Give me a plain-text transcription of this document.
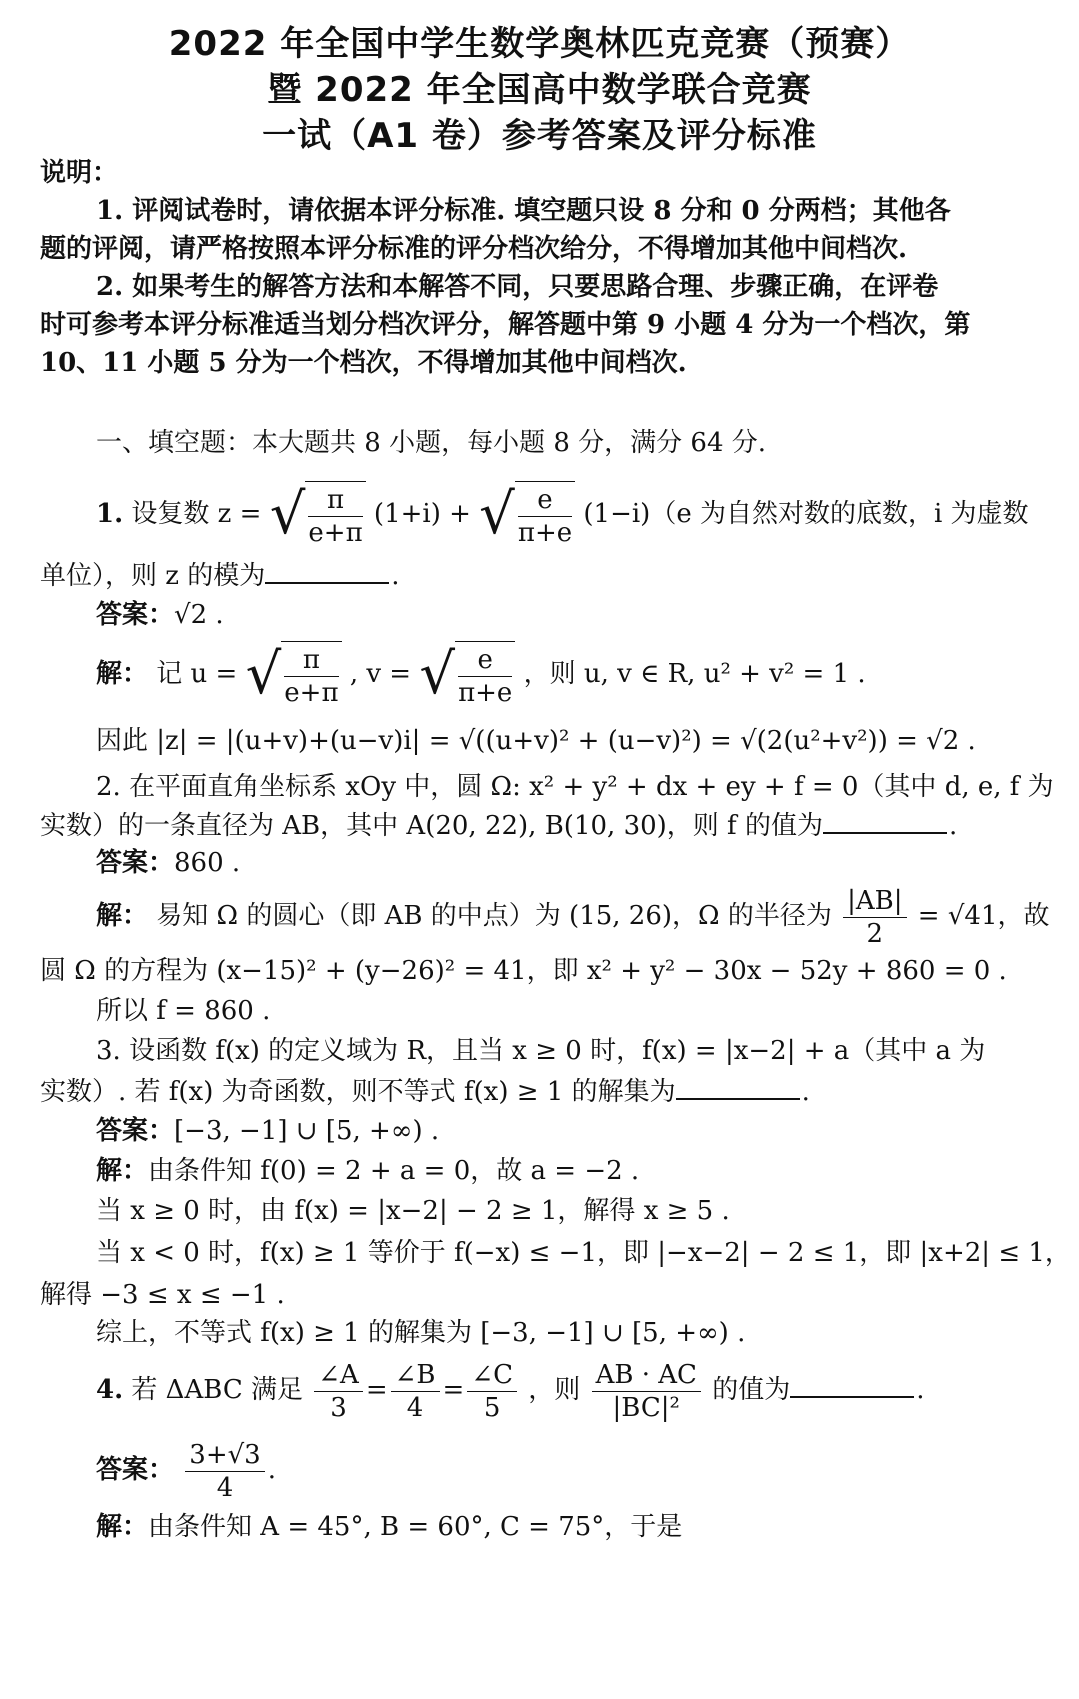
2022 年全国中学生数学奥林匹克竞赛（预赛）
暨 2022 年全国高中数学联合竞赛
一试（A1 卷）参考答案及评分标准
说明：
1. 评阅试卷时，请依据本评分标准. 填空题只设 8 分和 0 分两档；其他各
题的评阅，请严格按照本评分标准的评分档次给分，不得增加其他中间档次.
2. 如果考生的解答方法和本解答不同，只要思路合理、步骤正确，在评卷
时可参考本评分标准适当划分档次评分，解答题中第 9 小题 4 分为一个档次，第
10、11 小题 5 分为一个档次，不得增加其他中间档次.
一、填空题：本大题共 8 小题，每小题 8 分，满分 64 分.
1. 设复数 z = √ $\frac{\pi}{e+\pi} (1+i)$ + √ $\frac{e}{\pi+e} (1-i)(e$ 为自然对数的底数，i 为虚数
单位），则 z 的模为	.
答案：√2 .
解： 记 u = √ $\frac{\pi}{e+\pi}$ , v = √ $\frac{e}{\pi+e}$ ，则 u, v ∈ R, u² + v² = 1 .
因此 |z| = |(u+v)+(u−v)i| = √((u+v)² + (u−v)²) = √(2(u²+v²)) = √2 .
2. 在平面直角坐标系 xOy 中，圆 Ω: x² + y² + dx + ey + f = 0（其中 d, e, f 为
实数）的一条直径为 AB，其中 A(20, 22), B(10, 30)，则 f 的值为	.
答案：860 .
解： 易知 Ω 的圆心（即 AB 的中点）为 (15, 26)，Ω 的半径为 $\frac{|AB|}{2} = √41$，故
圆 Ω 的方程为 (x−15)² + (y−26)² = 41，即 x² + y² − 30x − 52y + 860 = 0 .
所以 f = 860 .
3. 设函数 f(x) 的定义域为 R，且当 x ≥ 0 时，f(x) = |x−2| + a（其中 a 为
实数）. 若 f(x) 为奇函数，则不等式 f(x) ≥ 1 的解集为	.
答案：[−3, −1] ∪ [5, +∞) .
解：由条件知 f(0) = 2 + a = 0，故 a = −2 .
当 x ≥ 0 时，由 f(x) = |x−2| − 2 ≥ 1，解得 x ≥ 5 .
当 x < 0 时，f(x) ≥ 1 等价于 f(−x) ≤ −1，即 |−x−2| − 2 ≤ 1，即 |x+2| ≤ 1，
解得 −3 ≤ x ≤ −1 .
综上，不等式 f(x) ≥ 1 的解集为 [−3, −1] ∪ [5, +∞) .
4. 若 ΔABC 满足 $\frac{\angle A}{3} = \frac{\angle B}{4} = \frac{\angle C}{5}$ ，则 $\frac{AB \cdot AC}{\text{|BC|²}}$ 的值为	.
答案： $\frac{3+√3}{4}$ .
解：由条件知 A = 45°, B = 60°, C = 75°，于是
